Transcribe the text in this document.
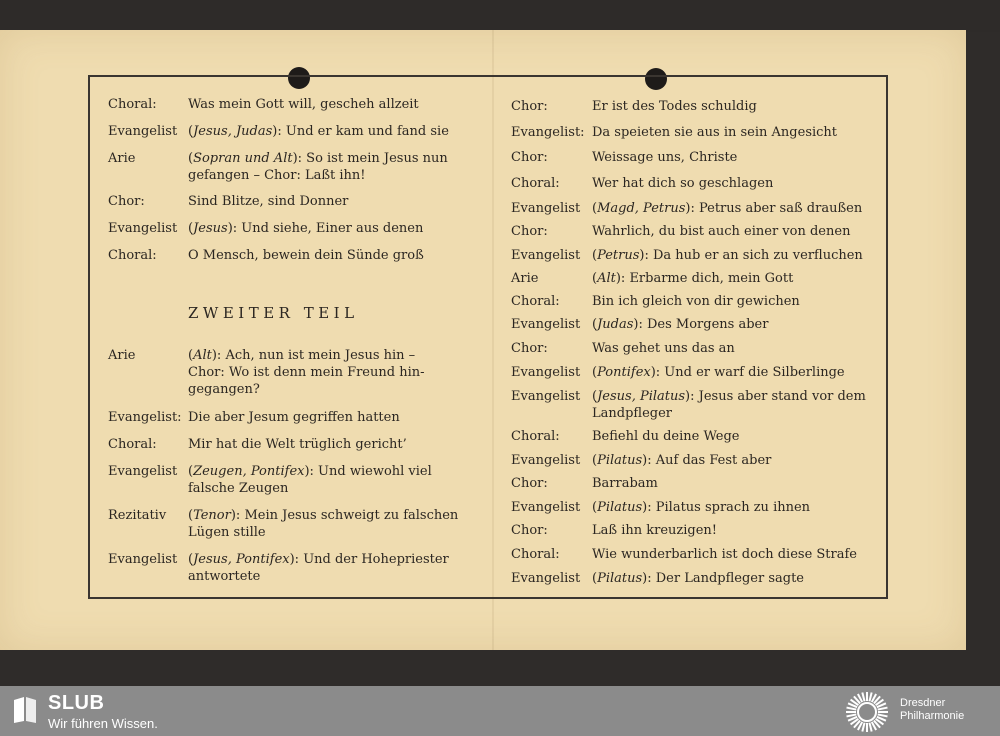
Choral:	Was mein Gott will, gescheh allzeit
Evangelist (Jesus, Judas): Und er kam und fand sie
Arie	(Sopran und Alt): So ist mein Jesus nun
gefangen – Chor: Laßt ihn!
Chor:	Sind Blitze, sind Donner
Evangelist (Jesus): Und siehe, Einer aus denen
Choral:	O Mensch, bewein dein Sünde groß
Arie	(Alt): Ach, nun ist mein Jesus hin –
Chor: Wo ist denn mein Freund hin-
gegangen?
Evangelist: Die aber Jesum gegriffen hatten
Choral:	Mir hat die Welt trüglich gericht’
Evangelist (Zeugen, Pontifex): Und wiewohl viel
falsche Zeugen
Rezitativ	(Tenor): Mein Jesus schweigt zu falschen
Lügen stille
Evangelist (Jesus, Pontifex): Und der Hohepriester
antwortete
ZWEITER TEIL
Chor:	Er ist des Todes schuldig
Evangelist: Da speieten sie aus in sein Angesicht
Chor:	Weissage uns, Christe
Choral:	Wer hat dich so geschlagen
Evangelist (Magd, Petrus): Petrus aber saß draußen
Chor:	Wahrlich, du bist auch einer von denen
Evangelist (Petrus): Da hub er an sich zu verfluchen
Arie	(Alt): Erbarme dich, mein Gott
Choral:	Bin ich gleich von dir gewichen
Evangelist (Judas): Des Morgens aber
Chor:	Was gehet uns das an
Evangelist (Pontifex): Und er warf die Silberlinge
Evangelist (Jesus, Pilatus): Jesus aber stand vor dem
Landpfleger
Choral:	Befiehl du deine Wege
Evangelist (Pilatus): Auf das Fest aber
Chor:	Barrabam
Evangelist (Pilatus): Pilatus sprach zu ihnen
Chor:	Laß ihn kreuzigen!
Choral:	Wie wunderbarlich ist doch diese Strafe
Evangelist (Pilatus): Der Landpfleger sagte
SLUB
Wir führen Wissen.
Dresdner
Philharmonie
